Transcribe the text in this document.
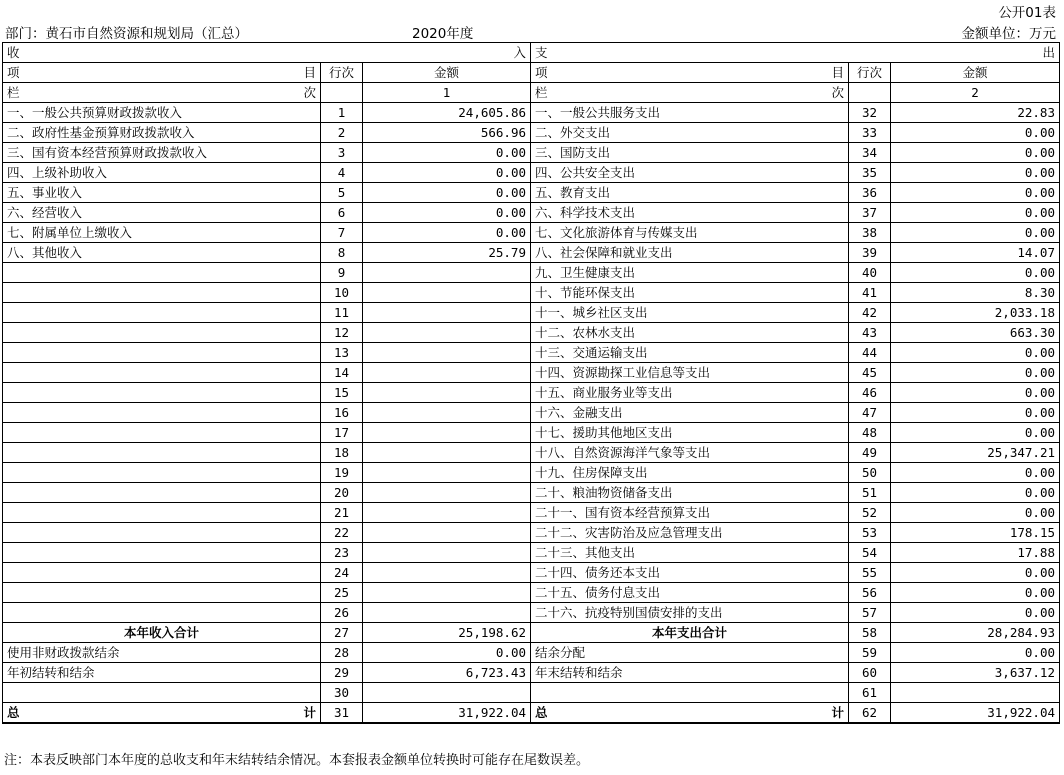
公开01表
部门：黄石市自然资源和规划局（汇总）	2020年度	金额单位：万元
收 入			支 出		

项 目	行次	金额	项 目	行次	金额

栏 次		1	栏 次		2
一、一般公共预算财政拨款收入	1	24,605.86	一、一般公共服务支出	32	22.83
二、政府性基金预算财政拨款收入	2	566.96	二、外交支出	33	0.00
三、国有资本经营预算财政拨款收入	3	0.00	三、国防支出	34	0.00
四、上级补助收入	4	0.00	四、公共安全支出	35	0.00
五、事业收入	5	0.00	五、教育支出	36	0.00
六、经营收入	6	0.00	六、科学技术支出	37	0.00
七、附属单位上缴收入	7	0.00	七、文化旅游体育与传媒支出	38	0.00
八、其他收入	8	25.79	八、社会保障和就业支出	39	14.07
	9		九、卫生健康支出	40	0.00
	10		十、节能环保支出	41	8.30
	11		十一、城乡社区支出	42	2,033.18
	12		十二、农林水支出	43	663.30
	13		十三、交通运输支出	44	0.00
	14		十四、资源勘探工业信息等支出	45	0.00
	15		十五、商业服务业等支出	46	0.00
	16		十六、金融支出	47	0.00
	17		十七、援助其他地区支出	48	0.00
	18		十八、自然资源海洋气象等支出	49	25,347.21
	19		十九、住房保障支出	50	0.00
	20		二十、粮油物资储备支出	51	0.00
	21		二十一、国有资本经营预算支出	52	0.00
	22		二十二、灾害防治及应急管理支出	53	178.15
	23		二十三、其他支出	54	17.88
	24		二十四、债务还本支出	55	0.00
	25		二十五、债务付息支出	56	0.00
	26		二十六、抗疫特别国债安排的支出	57	0.00
本年收入合计	27	25,198.62	本年支出合计	58	28,284.93
使用非财政拨款结余	28	0.00	结余分配	59	0.00
年初结转和结余	29	6,723.43	年末结转和结余	60	3,637.12
	30			61	

总 计	31	31,922.04	总 计	62	31,922.04
注：本表反映部门本年度的总收支和年末结转结余情况。本套报表金额单位转换时可能存在尾数误差。
